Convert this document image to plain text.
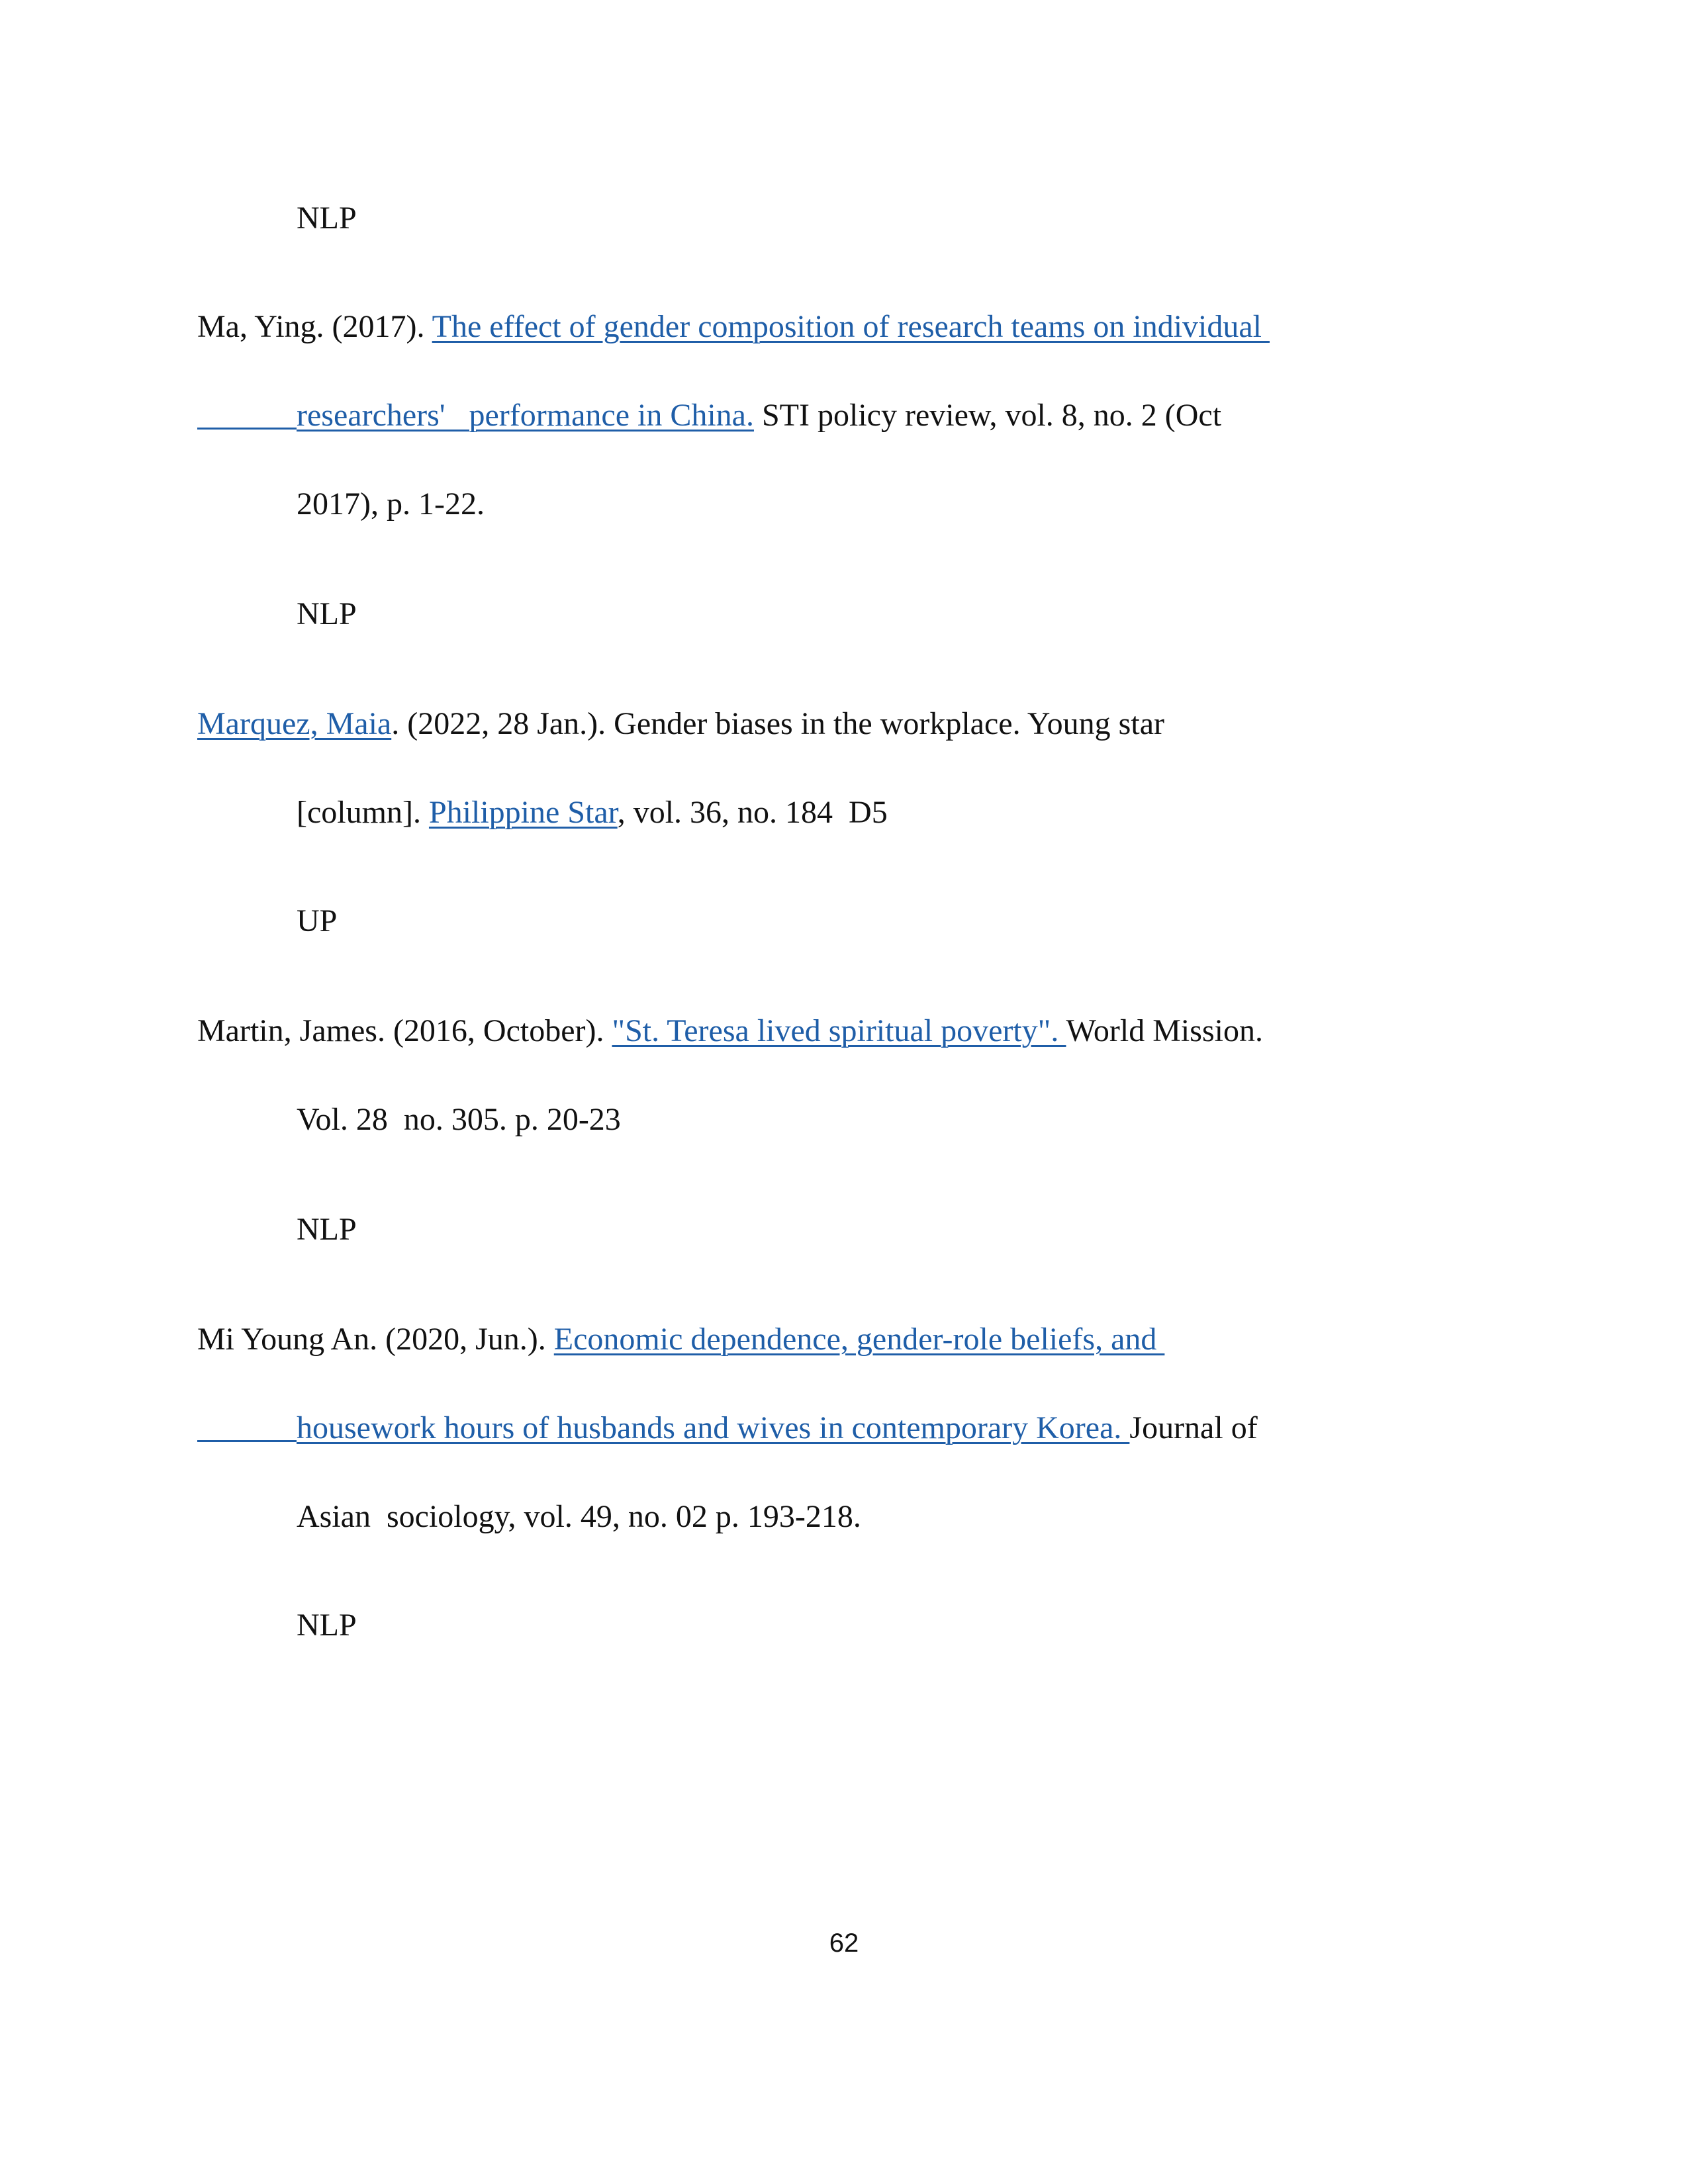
NLP

Ma, Ying. (2017). The effect of gender composition of research teams on individual

researchers'   performance in China. STI policy review, vol. 8, no. 2 (Oct

2017), p. 1-22.

NLP

Marquez, Maia. (2022, 28 Jan.). Gender biases in the workplace. Young star

[column]. Philippine Star, vol. 36, no. 184  D5

UP

Martin, James. (2016, October). "St. Teresa lived spiritual poverty". World Mission.

Vol. 28  no. 305. p. 20-23

NLP

Mi Young An. (2020, Jun.). Economic dependence, gender-role beliefs, and

housework hours of husbands and wives in contemporary Korea. Journal of

Asian  sociology, vol. 49, no. 02 p. 193-218.

NLP

62
